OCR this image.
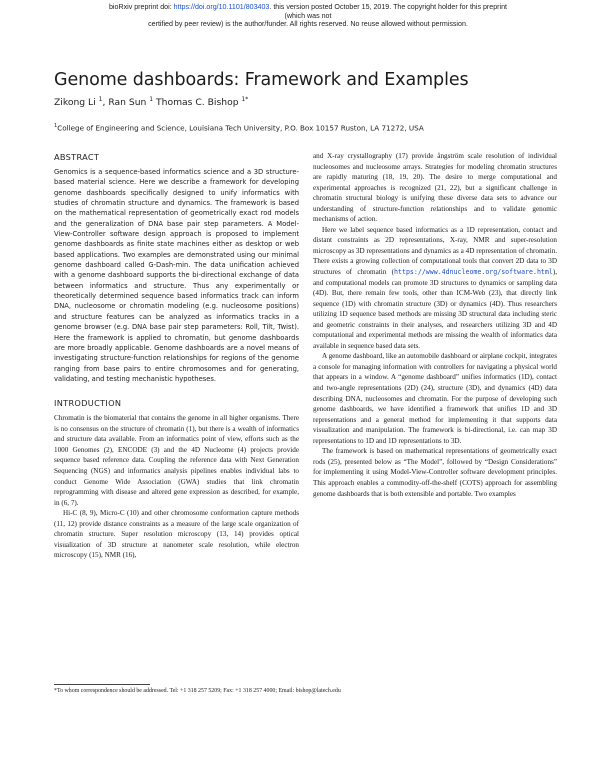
bioRxiv preprint doi: https://doi.org/10.1101/803403. this version posted October 15, 2019. The copyright holder for this preprint (which was not
certified by peer review) is the author/funder. All rights reserved. No reuse allowed without permission.
Genome dashboards: Framework and Examples
Zikong Li $^1$, Ran Sun $^1$ Thomas C. Bishop $^{1*}$
$^1$College of Engineering and Science, Louisiana Tech University, P.O. Box 10157 Ruston, LA 71272, USA
ABSTRACT

Genomics is a sequence-based informatics science and a 3D structure-based material science. Here we describe a framework for developing genome dashboards specifically designed to unify informatics with studies of chromatin structure and dynamics. The framework is based on the mathematical representation of geometrically exact rod models and the generalization of DNA base pair step parameters. A Model-View-Controller software design approach is proposed to implement genome dashboards as finite state machines either as desktop or web based applications. Two examples are demonstrated using our minimal genome dashboard called G-Dash-min. The data unification achieved with a genome dashboard supports the bi-directional exchange of data between informatics and structure. Thus any experimentally or theoretically determined sequence based informatics track can inform DNA, nucleosome or chromatin modeling (e.g. nucleosome positions) and structure features can be analyzed as informatics tracks in a genome browser (e.g. DNA base pair step parameters: Roll, Tilt, Twist). Here the framework is applied to chromatin, but genome dashboards are more broadly applicable. Genome dashboards are a novel means of investigating structure-function relationships for regions of the genome ranging from base pairs to entire chromosomes and for generating, validating, and testing mechanistic hypotheses.

INTRODUCTION

Chromatin is the biomaterial that contains the genome in all higher organisms. There is no consensus on the structure of chromatin (1), but there is a wealth of informatics and structure data available. From an informatics point of view, efforts such as the 1000 Genomes (2), ENCODE (3) and the 4D Nucleome (4) projects provide sequence based reference data. Coupling the reference data with Next Generation Sequencing (NGS) and informatics analysis pipelines enables individual labs to conduct Genome Wide Association (GWA) studies that link chromatin reprogramming with disease and altered gene expression as described, for example, in (6, 7).

Hi-C (8, 9), Micro-C (10) and other chromosome conformation capture methods (11, 12) provide distance constraints as a measure of the large scale organization of chromatin structure. Super resolution microscopy (13, 14) provides optical visualization of 3D structure at nanometer scale resolution, while electron microscopy (15), NMR (16),

and X-ray crystallography (17) provide ångström scale resolution of individual nucleosomes and nucleosome arrays. Strategies for modeling chromatin structures are rapidly maturing (18, 19, 20). The desire to merge computational and experimental approaches is recognized (21, 22), but a significant challenge in chromatin structural biology is unifying these diverse data sets to advance our understanding of structure-function relationships and to validate genomic mechanisms of action.

Here we label sequence based informatics as a 1D representation, contact and distant constraints as 2D representations, X-ray, NMR and super-resolution microscopy as 3D representations and dynamics as a 4D representation of chromatin. There exists a growing collection of computational tools that convert 2D data to 3D structures of chromatin (https://www.4dnucleome.org/software.html), and computational models can promote 3D structures to dynamics or sampling data (4D). But, there remain few tools, other than ICM-Web (23), that directly link sequence (1D) with chromatin structure (3D) or dynamics (4D). Thus researchers utilizing 1D sequence based methods are missing 3D structural data including steric and geometric constraints in their analyses, and researchers utilizing 3D and 4D computational and experimental methods are missing the wealth of informatics data available in sequence based data sets.

A genome dashboard, like an automobile dashboard or airplane cockpit, integrates a console for managing information with controllers for navigating a physical world that appears in a window. A “genome dashboard” unifies informatics (1D), contact and two-angle representations (2D) (24), structure (3D), and dynamics (4D) data describing DNA, nucleosomes and chromatin. For the purpose of developing such genome dashboards, we have identified a framework that unifies 1D and 3D representations and a general method for implementing it that supports data visualization and manipulation. The framework is bi-directional, i.e. can map 3D representations to 1D and 1D representations to 3D.

The framework is based on mathematical representations of geometrically exact rods (25), presented below as “The Model”, followed by “Design Considerations” for implementing it using Model-View-Controller software development principles. This approach enables a commodity-off-the-shelf (COTS) approach for assembling genome dashboards that is both extensible and portable. Two examples

*To whom correspondence should be addressed. Tel: +1 318 257 5209; Fax: +1 318 257 4000; Email: bishop@latech.edu
